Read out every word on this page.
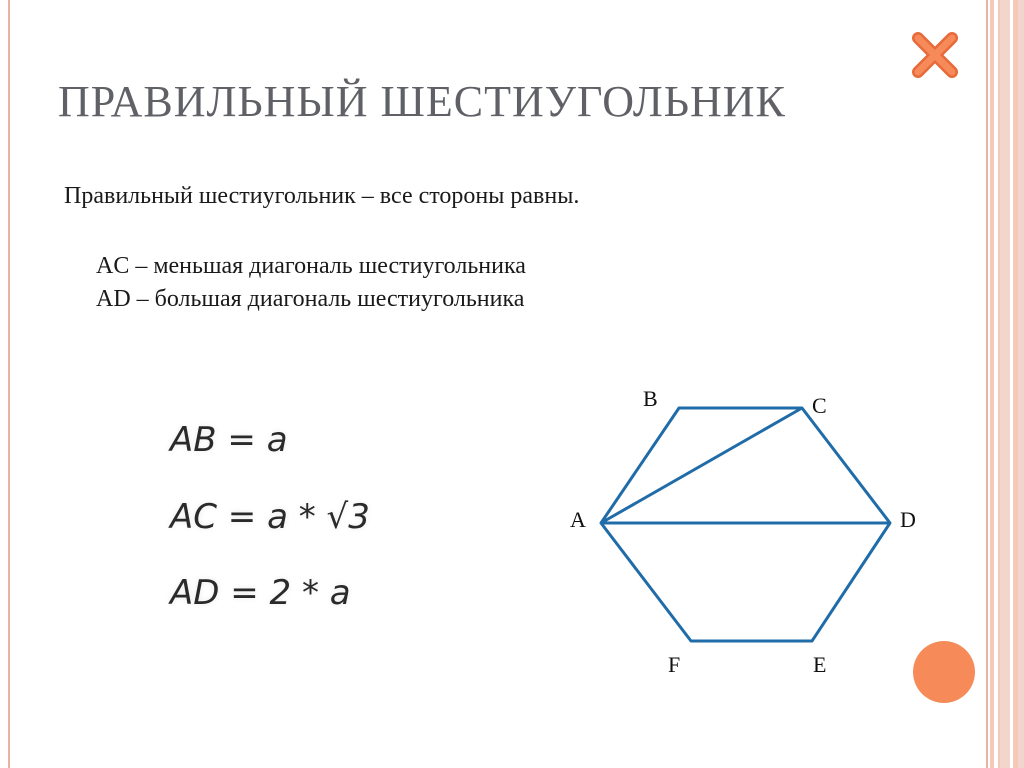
ПРАВИЛЬНЫЙ ШЕСТИУГОЛЬНИК
Правильный шестиугольник – все стороны равны.
AC – меньшая диагональ шестиугольника
AD – большая диагональ шестиугольника
AB = a
AC = a * √3
AD = 2 * a
B	C
A	D
F	E
